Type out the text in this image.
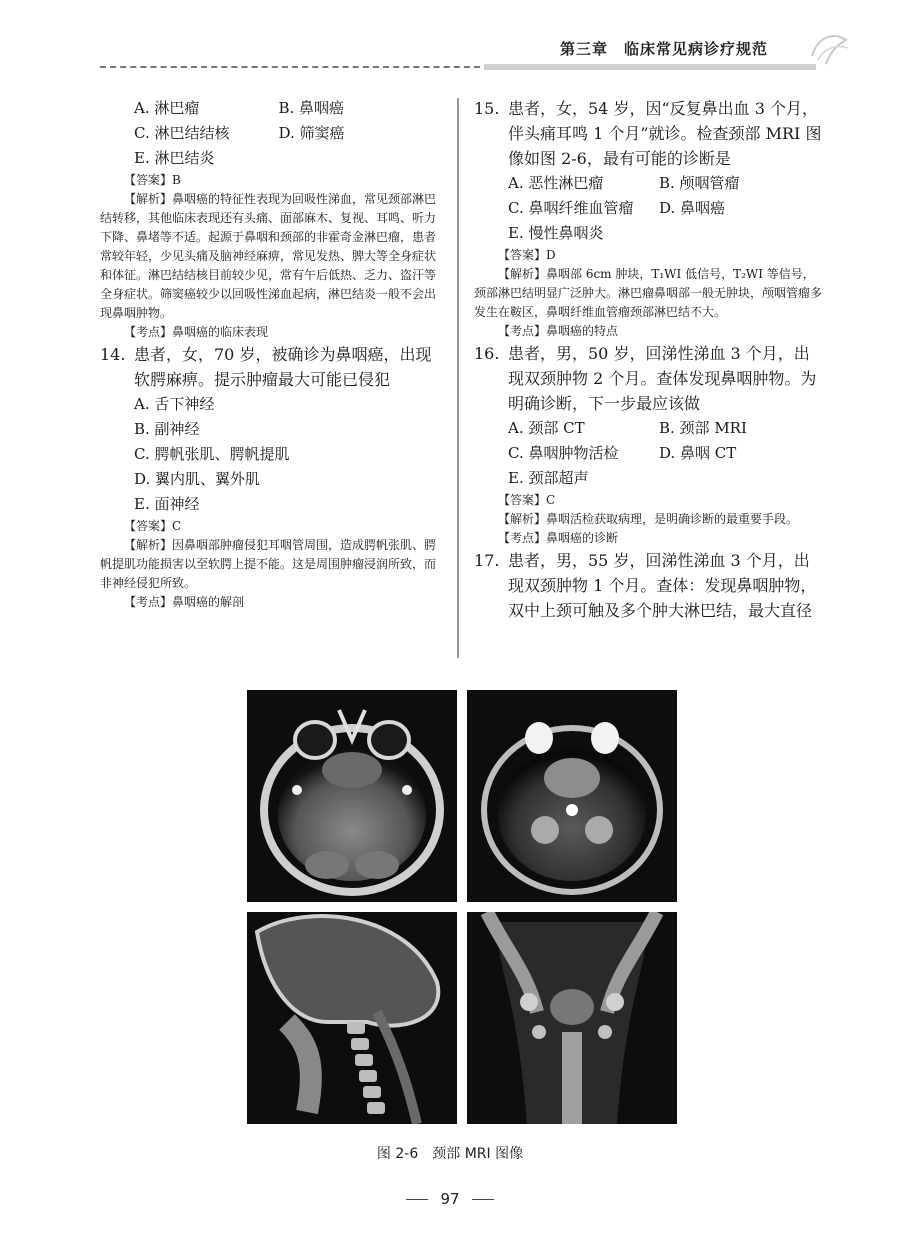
第三章　临床常见病诊疗规范
A. 淋巴瘤	B. 鼻咽癌
C. 淋巴结结核	D. 筛窦癌
E. 淋巴结炎
【答案】B
【解析】鼻咽癌的特征性表现为回吸性涕血，常见颈部淋巴结转移，其他临床表现还有头痛、面部麻木、复视、耳鸣、听力下降、鼻堵等不适。起源于鼻咽和颈部的非霍奇金淋巴瘤，患者常较年轻，少见头痛及脑神经麻痹，常见发热、脾大等全身症状和体征。淋巴结结核目前较少见，常有午后低热、乏力、盗汗等全身症状。筛窦癌较少以回吸性涕血起病，淋巴结炎一般不会出现鼻咽肿物。
【考点】鼻咽癌的临床表现
14. 患者，女，70 岁，被确诊为鼻咽癌，出现软腭麻痹。提示肿瘤最大可能已侵犯
A. 舌下神经
B. 副神经
C. 腭帆张肌、腭帆提肌
D. 翼内肌、翼外肌
E. 面神经
【答案】C
【解析】因鼻咽部肿瘤侵犯耳咽管周围，造成腭帆张肌、腭帆提肌功能损害以至软腭上提不能。这是周围肿瘤浸润所致，而非神经侵犯所致。
【考点】鼻咽癌的解剖
15. 患者，女，54 岁，因“反复鼻出血 3 个月，伴头痛耳鸣 1 个月”就诊。检查颈部 MRI 图像如图 2-6，最有可能的诊断是
A. 恶性淋巴瘤	B. 颅咽管瘤
C. 鼻咽纤维血管瘤	D. 鼻咽癌
E. 慢性鼻咽炎
【答案】D
【解析】鼻咽部 6cm 肿块，T₁WI 低信号，T₂WI 等信号，颈部淋巴结明显广泛肿大。淋巴瘤鼻咽部一般无肿块，颅咽管瘤多发生在鞍区，鼻咽纤维血管瘤颈部淋巴结不大。
【考点】鼻咽癌的特点
16. 患者，男，50 岁，回涕性涕血 3 个月，出现双颈肿物 2 个月。查体发现鼻咽肿物。为明确诊断，下一步最应该做
A. 颈部 CT	B. 颈部 MRI
C. 鼻咽肿物活检	D. 鼻咽 CT
E. 颈部超声
【答案】C
【解析】鼻咽活检获取病理，是明确诊断的最重要手段。
【考点】鼻咽癌的诊断
17. 患者，男，55 岁，回涕性涕血 3 个月，出现双颈肿物 1 个月。查体：发现鼻咽肿物，双中上颈可触及多个肿大淋巴结，最大直径
图 2-6　颈部 MRI 图像
97
